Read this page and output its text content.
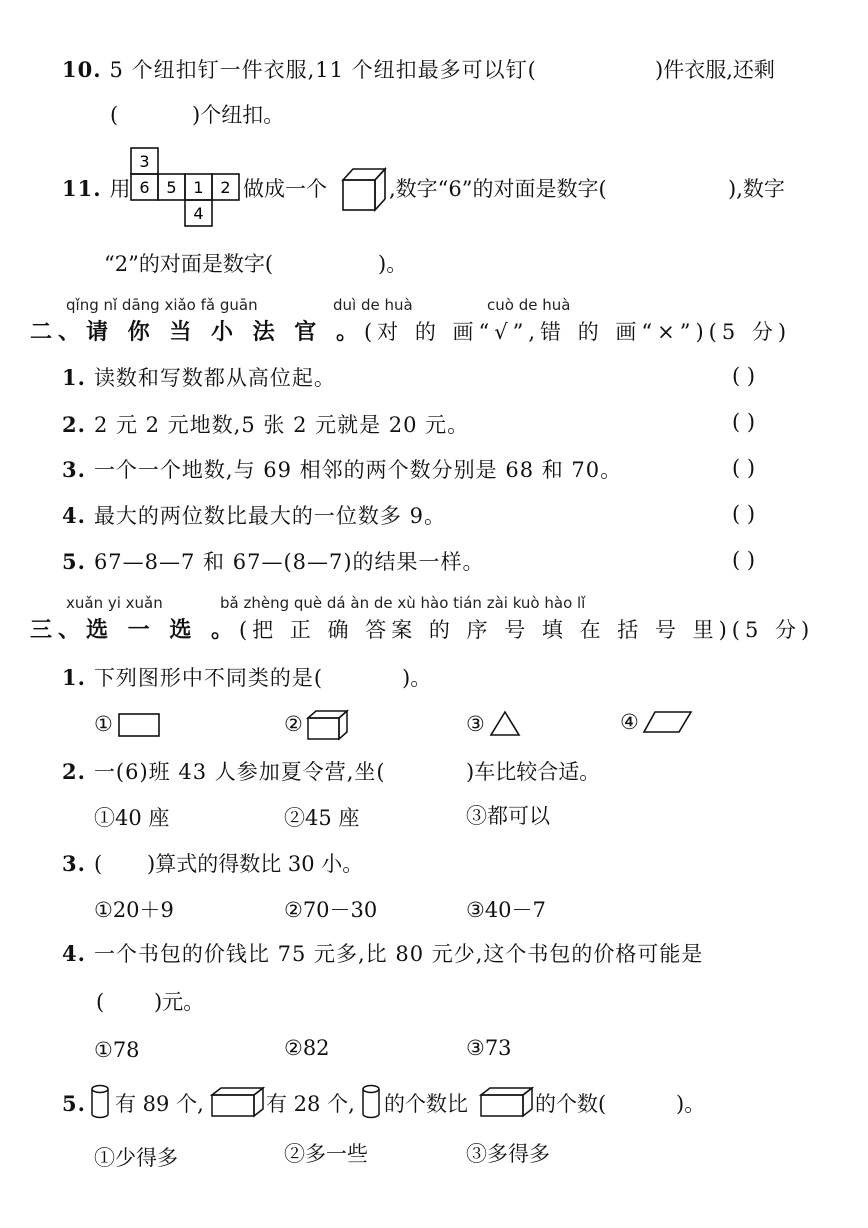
10. 5 个纽扣钉一件衣服,11 个纽扣最多可以钉(	)件衣服,还剩
(	)个纽扣。
11. 用
3
6 5 1 2
4
做成一个	,数字“6”的对面是数字(	),数字
“2”的对面是数字(	)。
qǐng nǐ dāng xiǎo fǎ guān	duì de huà	cuò de huà
二、请 你 当 小 法 官 。(对 的 画“√”,错 的 画“×”)(5 分)
1. 读数和写数都从高位起。	( )
2. 2 元 2 元地数,5 张 2 元就是 20 元。	( )
3. 一个一个地数,与 69 相邻的两个数分别是 68 和 70。	( )
4. 最大的两位数比最大的一位数多 9。	( )
5. 67—8—7 和 67—(8—7)的结果一样。	( )
xuǎn yi xuǎn	bǎ zhèng què dá àn de xù hào tián zài kuò hào lǐ
三、选 一 选 。(把 正 确 答案 的 序 号 填 在 括 号 里)(5 分)
1. 下列图形中不同类的是(	)。
①	②	③	④
2. 一(6)班 43 人参加夏令营,坐(	)车比较合适。
①40 座	②45 座	③都可以
3. ( )算式的得数比 30 小。
①20＋9	②70－30	③40－7
4. 一个书包的价钱比 75 元多,比 80 元少,这个书包的价格可能是
( )元。
①78	②82	③73
5.	有 89 个,	有 28 个, 的个数比	的个数(	)。
①少得多	②多一些	③多得多
